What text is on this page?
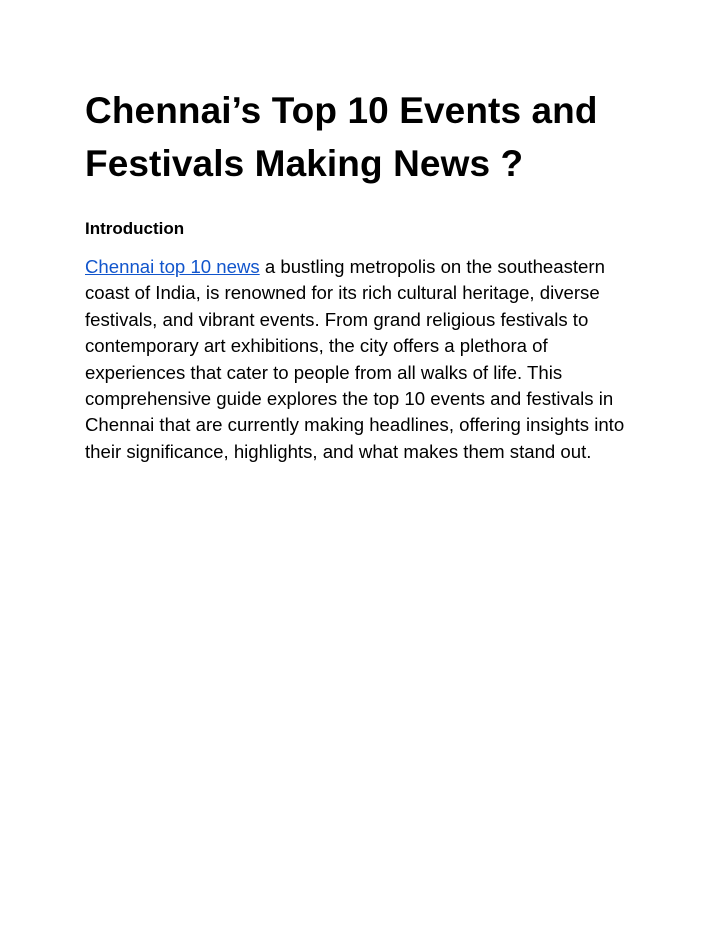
Chennai’s Top 10 Events and Festivals Making News ?
Introduction

Chennai top 10 news a bustling metropolis on the southeastern coast of India, is renowned for its rich cultural heritage, diverse festivals, and vibrant events. From grand religious festivals to contemporary art exhibitions, the city offers a plethora of experiences that cater to people from all walks of life. This comprehensive guide explores the top 10 events and festivals in Chennai that are currently making headlines, offering insights into their significance, highlights, and what makes them stand out.
